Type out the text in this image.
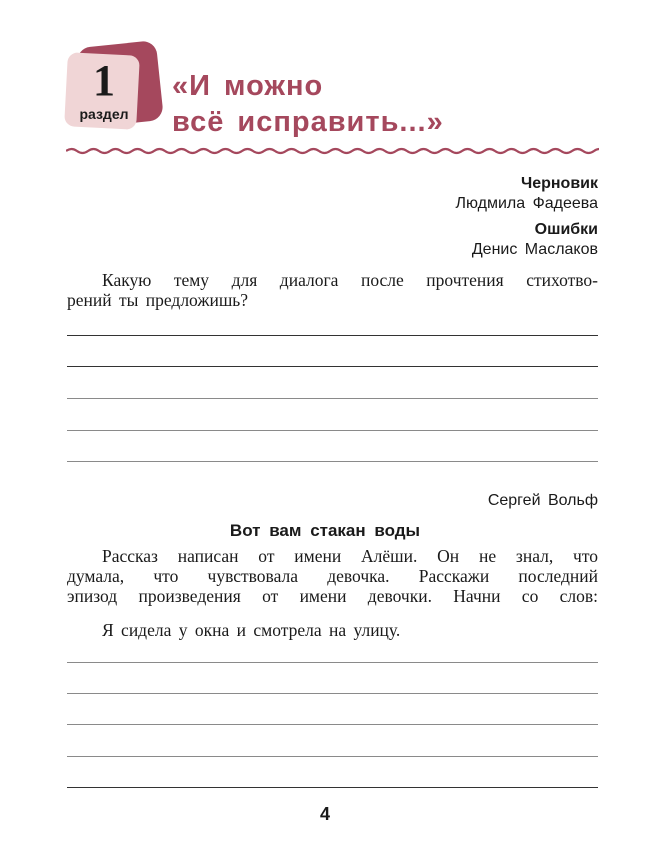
1
раздел
«И можно
всё исправить...»
Черновик
Людмила Фадеева
Ошибки
Денис Маслаков

Какую тему для диалога после прочтения стихотво-
рений ты предложишь?

Сергей Вольф
Вот вам стакан воды

Рассказ написан от имени Алёши. Он не знал, что
думала, что чувствовала девочка. Расскажи последний
эпизод произведения от имени девочки. Начни со слов:

Я сидела у окна и смотрела на улицу.

4
